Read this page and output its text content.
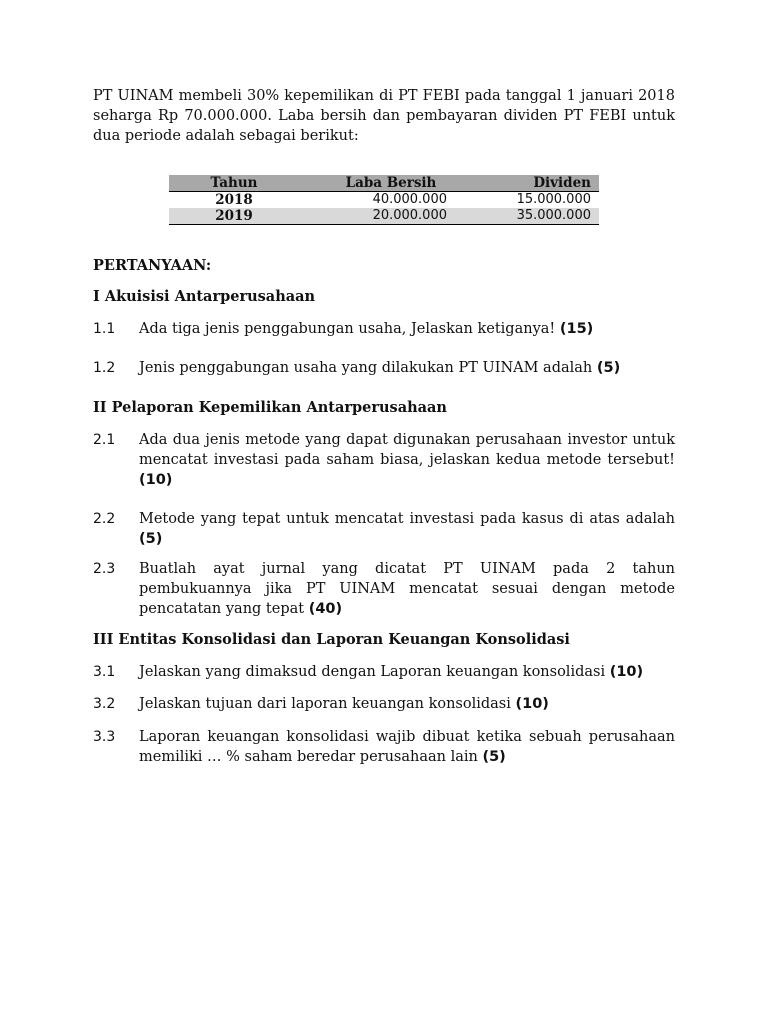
PT UINAM membeli 30% kepemilikan di PT FEBI pada tanggal 1 januari 2018 seharga Rp 70.000.000. Laba bersih dan pembayaran dividen PT FEBI untuk dua periode adalah sebagai berikut:

Tahun	Laba Bersih	Dividen
2018	40.000.000	15.000.000
2019	20.000.000	35.000.000
PERTANYAAN:
I Akuisisi Antarperusahaan
1.1	Ada tiga jenis penggabungan usaha, Jelaskan ketiganya! (15)
1.2	Jenis penggabungan usaha yang dilakukan PT UINAM adalah (5)
II Pelaporan Kepemilikan Antarperusahaan
2.1	Ada dua jenis metode yang dapat digunakan perusahaan investor untuk mencatat investasi pada saham biasa, jelaskan kedua metode tersebut! (10)
2.2	Metode yang tepat untuk mencatat investasi pada kasus di atas adalah (5)
2.3	Buatlah ayat jurnal yang dicatat PT UINAM pada 2 tahun pembukuannya jika PT UINAM mencatat sesuai dengan metode pencatatan yang tepat (40)
III Entitas Konsolidasi dan Laporan Keuangan Konsolidasi
3.1	Jelaskan yang dimaksud dengan Laporan keuangan konsolidasi (10)
3.2	Jelaskan tujuan dari laporan keuangan konsolidasi (10)
3.3	Laporan keuangan konsolidasi wajib dibuat ketika sebuah perusahaan memiliki … % saham beredar perusahaan lain (5)
